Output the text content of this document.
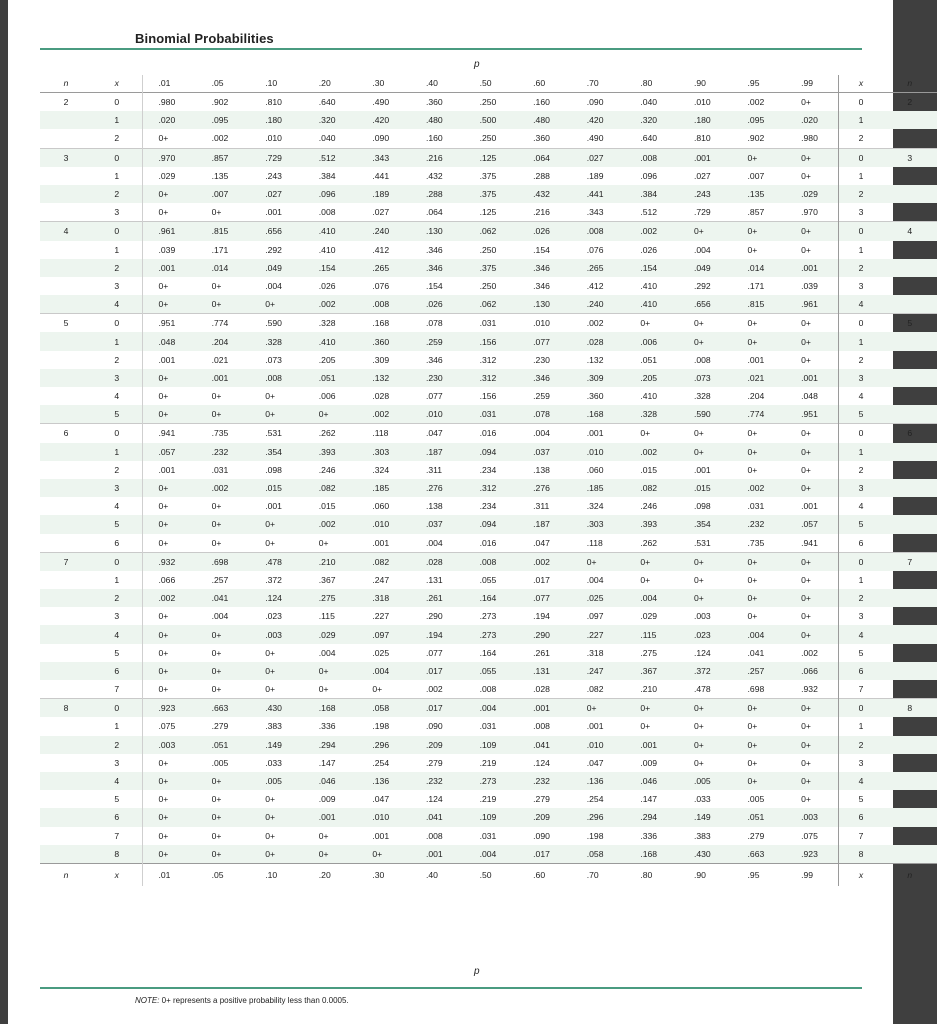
Binomial Probabilities
p
n	x	.01	.05	.10	.20	.30	.40	.50	.60	.70	.80	.90	.95	.99	x	n
2	0	.980	.902	.810	.640	.490	.360	.250	.160	.090	.040	.010	.002	0+	0	2
	1	.020	.095	.180	.320	.420	.480	.500	.480	.420	.320	.180	.095	.020	1	
	2	0+	.002	.010	.040	.090	.160	.250	.360	.490	.640	.810	.902	.980	2	
3	0	.970	.857	.729	.512	.343	.216	.125	.064	.027	.008	.001	0+	0+	0	3
	1	.029	.135	.243	.384	.441	.432	.375	.288	.189	.096	.027	.007	0+	1	
	2	0+	.007	.027	.096	.189	.288	.375	.432	.441	.384	.243	.135	.029	2	
	3	0+	0+	.001	.008	.027	.064	.125	.216	.343	.512	.729	.857	.970	3	
4	0	.961	.815	.656	.410	.240	.130	.062	.026	.008	.002	0+	0+	0+	0	4
	1	.039	.171	.292	.410	.412	.346	.250	.154	.076	.026	.004	0+	0+	1	
	2	.001	.014	.049	.154	.265	.346	.375	.346	.265	.154	.049	.014	.001	2	
	3	0+	0+	.004	.026	.076	.154	.250	.346	.412	.410	.292	.171	.039	3	
	4	0+	0+	0+	.002	.008	.026	.062	.130	.240	.410	.656	.815	.961	4	
5	0	.951	.774	.590	.328	.168	.078	.031	.010	.002	0+	0+	0+	0+	0	5
	1	.048	.204	.328	.410	.360	.259	.156	.077	.028	.006	0+	0+	0+	1	
	2	.001	.021	.073	.205	.309	.346	.312	.230	.132	.051	.008	.001	0+	2	
	3	0+	.001	.008	.051	.132	.230	.312	.346	.309	.205	.073	.021	.001	3	
	4	0+	0+	0+	.006	.028	.077	.156	.259	.360	.410	.328	.204	.048	4	
	5	0+	0+	0+	0+	.002	.010	.031	.078	.168	.328	.590	.774	.951	5	
6	0	.941	.735	.531	.262	.118	.047	.016	.004	.001	0+	0+	0+	0+	0	6
	1	.057	.232	.354	.393	.303	.187	.094	.037	.010	.002	0+	0+	0+	1	
	2	.001	.031	.098	.246	.324	.311	.234	.138	.060	.015	.001	0+	0+	2	
	3	0+	.002	.015	.082	.185	.276	.312	.276	.185	.082	.015	.002	0+	3	
	4	0+	0+	.001	.015	.060	.138	.234	.311	.324	.246	.098	.031	.001	4	
	5	0+	0+	0+	.002	.010	.037	.094	.187	.303	.393	.354	.232	.057	5	
	6	0+	0+	0+	0+	.001	.004	.016	.047	.118	.262	.531	.735	.941	6	
7	0	.932	.698	.478	.210	.082	.028	.008	.002	0+	0+	0+	0+	0+	0	7
	1	.066	.257	.372	.367	.247	.131	.055	.017	.004	0+	0+	0+	0+	1	
	2	.002	.041	.124	.275	.318	.261	.164	.077	.025	.004	0+	0+	0+	2	
	3	0+	.004	.023	.115	.227	.290	.273	.194	.097	.029	.003	0+	0+	3	
	4	0+	0+	.003	.029	.097	.194	.273	.290	.227	.115	.023	.004	0+	4	
	5	0+	0+	0+	.004	.025	.077	.164	.261	.318	.275	.124	.041	.002	5	
	6	0+	0+	0+	0+	.004	.017	.055	.131	.247	.367	.372	.257	.066	6	
	7	0+	0+	0+	0+	0+	.002	.008	.028	.082	.210	.478	.698	.932	7	
8	0	.923	.663	.430	.168	.058	.017	.004	.001	0+	0+	0+	0+	0+	0	8
	1	.075	.279	.383	.336	.198	.090	.031	.008	.001	0+	0+	0+	0+	1	
	2	.003	.051	.149	.294	.296	.209	.109	.041	.010	.001	0+	0+	0+	2	
	3	0+	.005	.033	.147	.254	.279	.219	.124	.047	.009	0+	0+	0+	3	
	4	0+	0+	.005	.046	.136	.232	.273	.232	.136	.046	.005	0+	0+	4	
	5	0+	0+	0+	.009	.047	.124	.219	.279	.254	.147	.033	.005	0+	5	
	6	0+	0+	0+	.001	.010	.041	.109	.209	.296	.294	.149	.051	.003	6	
	7	0+	0+	0+	0+	.001	.008	.031	.090	.198	.336	.383	.279	.075	7	
	8	0+	0+	0+	0+	0+	.001	.004	.017	.058	.168	.430	.663	.923	8	
n	x	.01	.05	.10	.20	.30	.40	.50	.60	.70	.80	.90	.95	.99	x	n
p
NOTE: 0+ represents a positive probability less than 0.0005.
